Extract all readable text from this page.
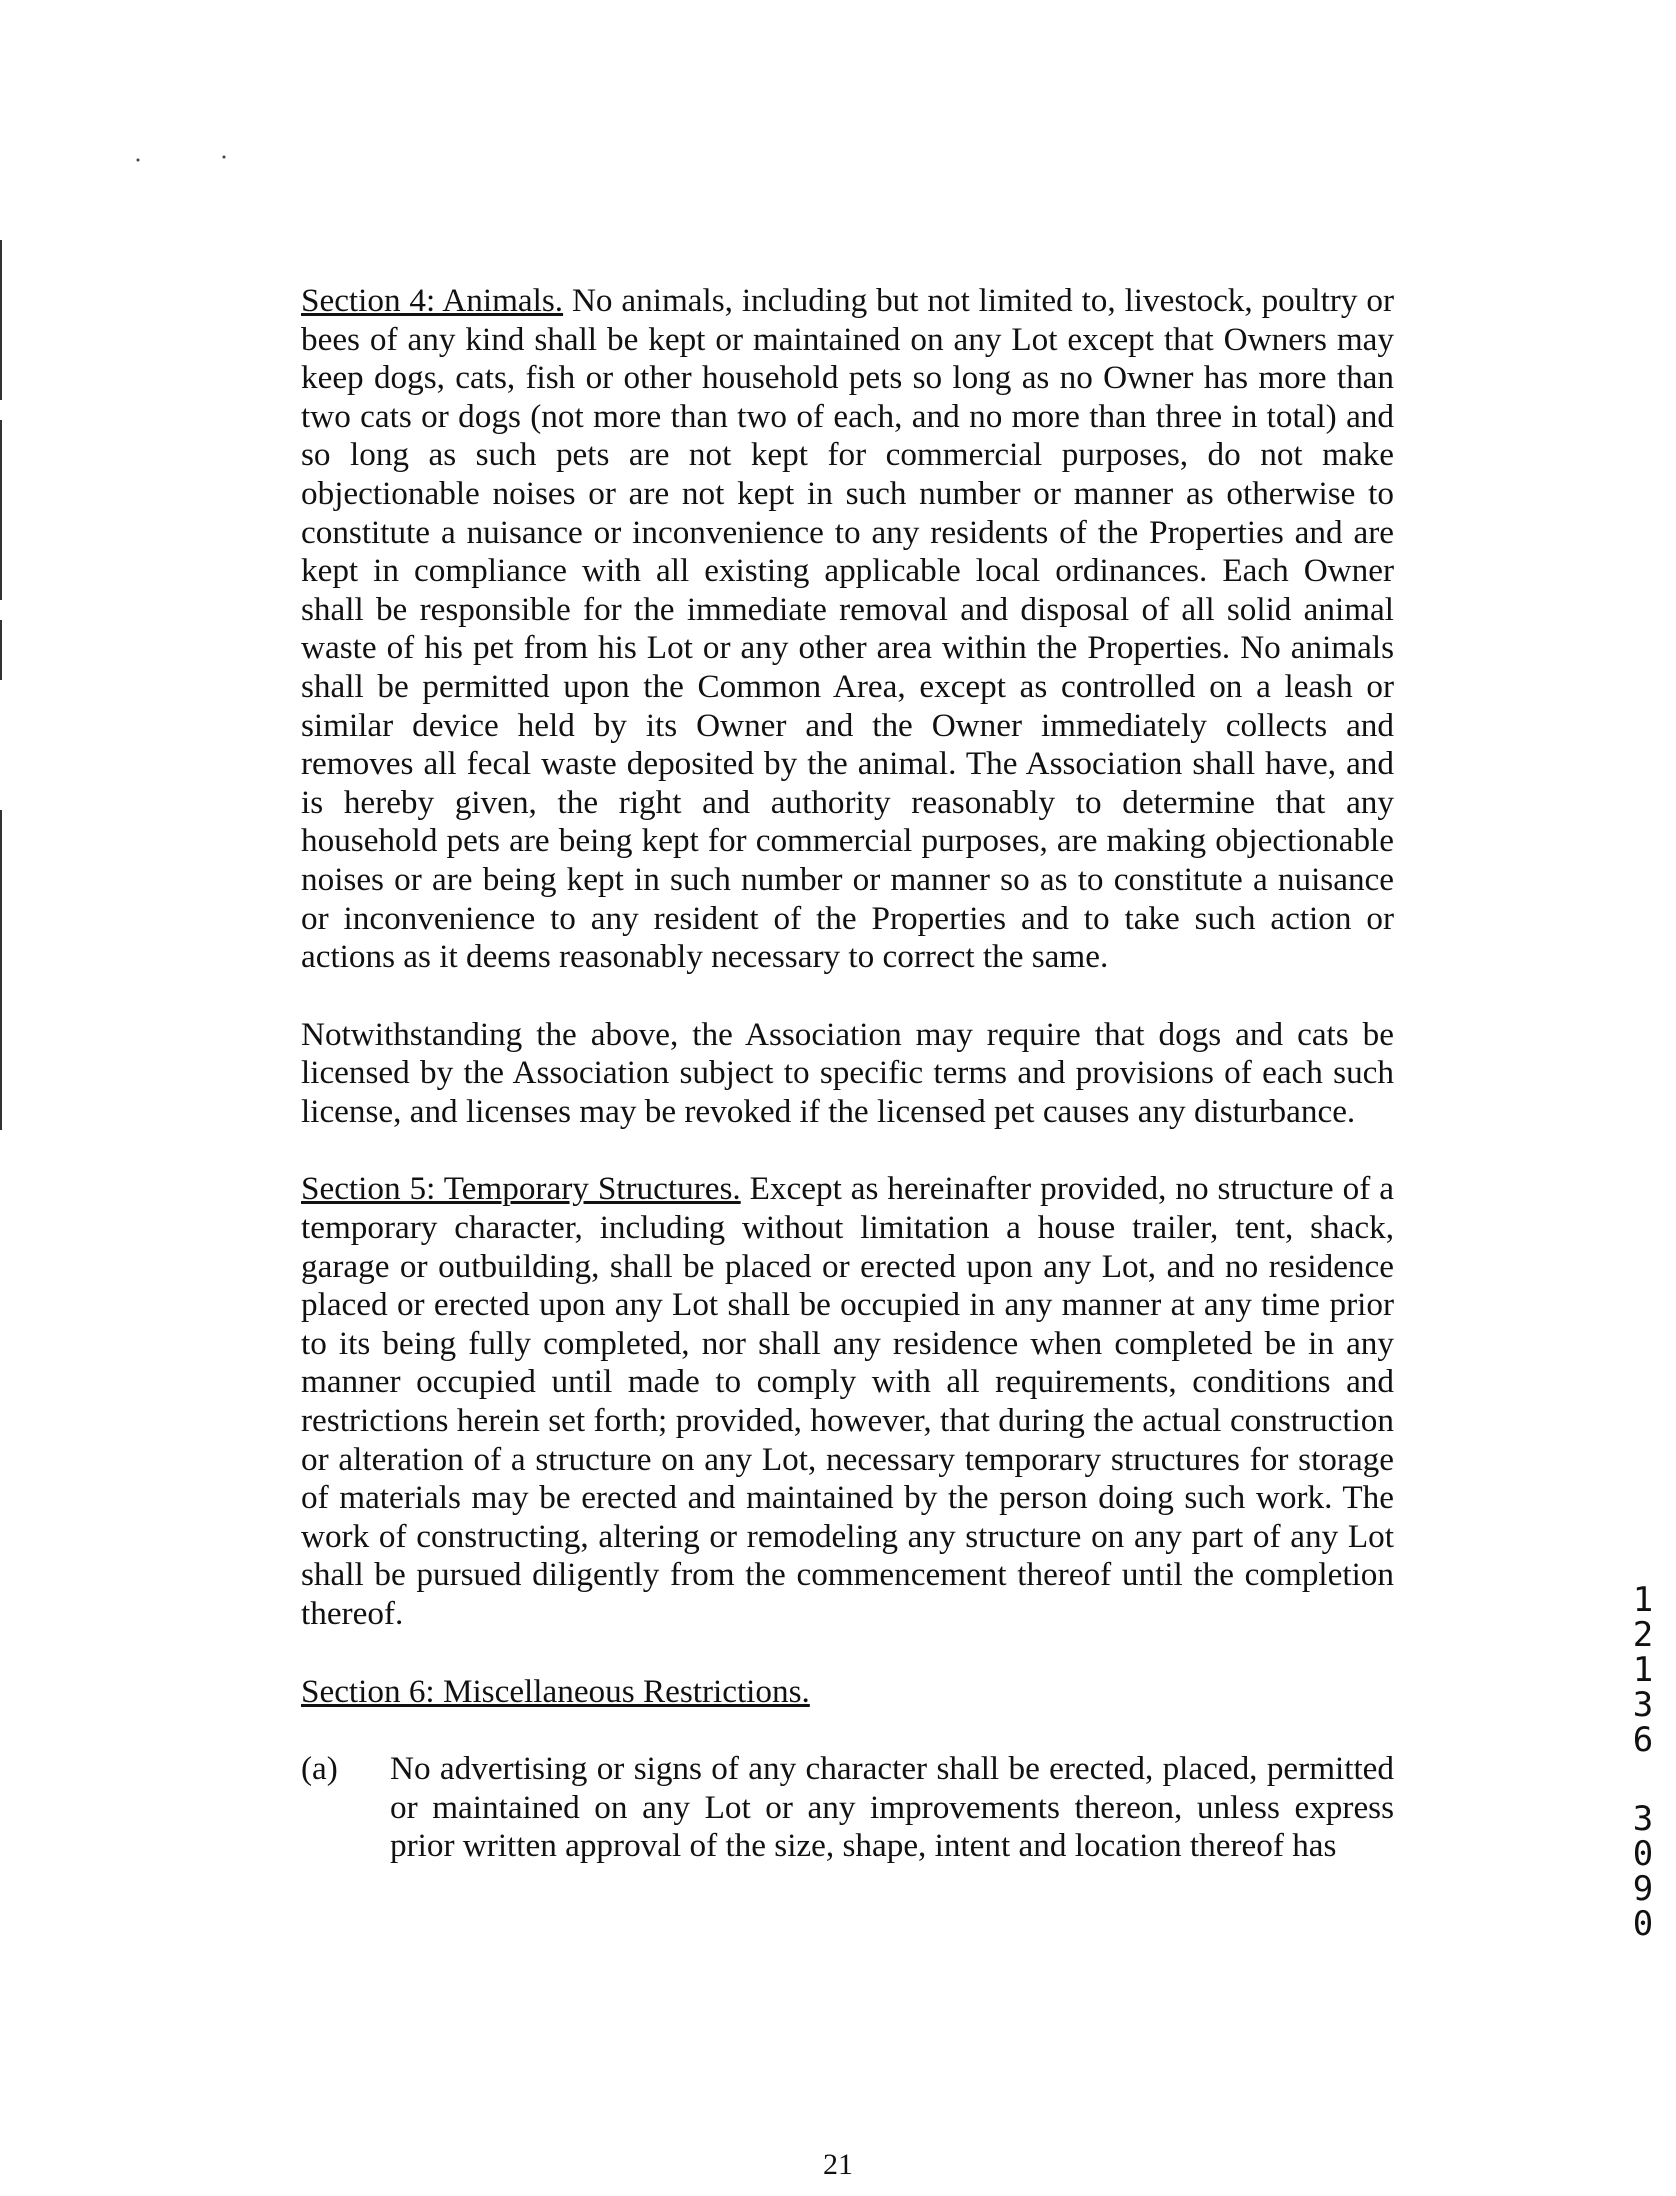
Section 4: Animals. No animals, including but not limited to, livestock, poultry or bees of any kind shall be kept or maintained on any Lot except that Owners may keep dogs, cats, fish or other household pets so long as no Owner has more than two cats or dogs (not more than two of each, and no more than three in total) and so long as such pets are not kept for commercial purposes, do not make objectionable noises or are not kept in such number or manner as otherwise to constitute a nuisance or inconvenience to any residents of the Properties and are kept in compliance with all existing applicable local ordinances. Each Owner shall be responsible for the immediate removal and disposal of all solid animal waste of his pet from his Lot or any other area within the Properties. No animals shall be permitted upon the Common Area, except as controlled on a leash or similar device held by its Owner and the Owner immediately collects and removes all fecal waste deposited by the animal. The Association shall have, and is hereby given, the right and authority reasonably to determine that any household pets are being kept for commercial purposes, are making objectionable noises or are being kept in such number or manner so as to constitute a nuisance or inconvenience to any resident of the Properties and to take such action or actions as it deems reasonably necessary to correct the same.

Notwithstanding the above, the Association may require that dogs and cats be licensed by the Association subject to specific terms and provisions of each such license, and licenses may be revoked if the licensed pet causes any disturbance.

Section 5: Temporary Structures. Except as hereinafter provided, no structure of a temporary character, including without limitation a house trailer, tent, shack, garage or outbuilding, shall be placed or erected upon any Lot, and no residence placed or erected upon any Lot shall be occupied in any manner at any time prior to its being fully completed, nor shall any residence when completed be in any manner occupied until made to comply with all requirements, conditions and restrictions herein set forth; provided, however, that during the actual construction or alteration of a structure on any Lot, necessary temporary structures for storage of materials may be erected and maintained by the person doing such work. The work of constructing, altering or remodeling any structure on any part of any Lot shall be pursued diligently from the commencement thereof until the completion thereof.

Section 6: Miscellaneous Restrictions.

(a)	No advertising or signs of any character shall be erected, placed, permitted or maintained on any Lot or any improvements thereon, unless express prior written approval of the size, shape, intent and location thereof has
1
2
1
3
6
3
0
9
0
21
